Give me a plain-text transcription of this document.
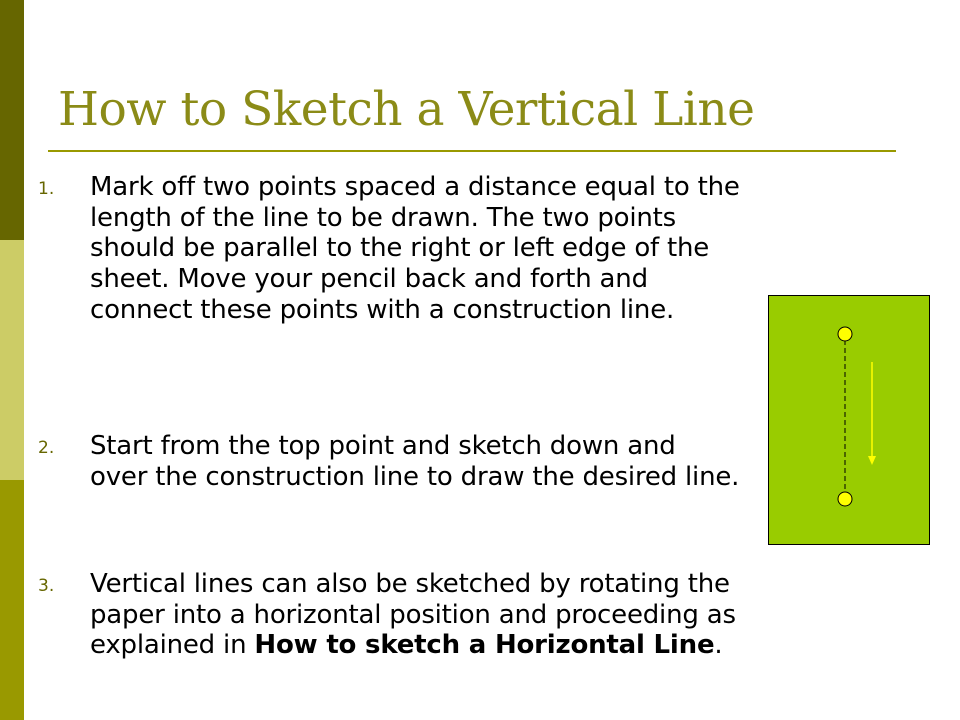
How to Sketch a Vertical Line
1. Mark off two points spaced a distance equal to the length of the line to be drawn. The two points should be parallel to the right or left edge of the sheet. Move your pencil back and forth and connect these points with a construction line.
2. Start from the top point and sketch down and over the construction line to draw the desired line.
3. Vertical lines can also be sketched by rotating the paper into a horizontal position and proceeding as explained in How to sketch a Horizontal Line.
